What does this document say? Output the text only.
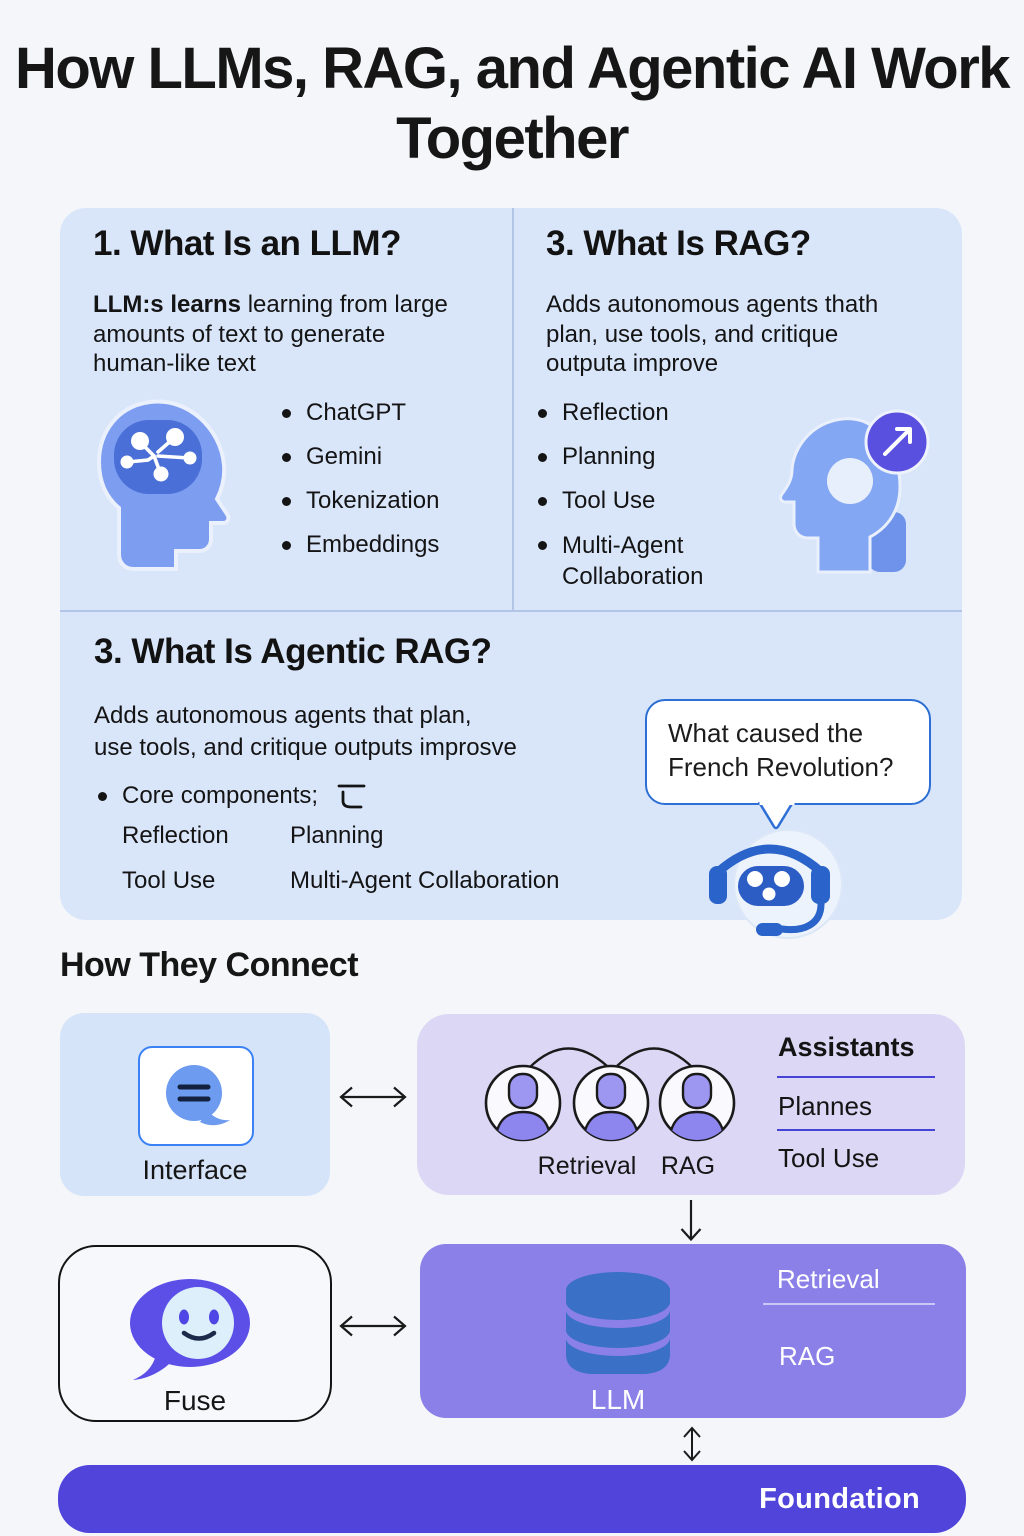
How LLMs, RAG, and Agentic AI Work Together
1. What Is an LLM?

LLM:s learns learning from large
amounts of text to generate
human-like text

ChatGPT
Gemini
Tokenization
Embeddings
3. What Is RAG?

Adds autonomous agents thath
plan, use tools, and critique
outputa improve

Reflection
Planning
Tool Use
Multi-Agent Collaboration
3. What Is Agentic RAG?

Adds autonomous agents that plan,
use tools, and critique outputs improsve

Core components;
Reflection	Planning
Tool Use	Multi-Agent Collaboration
What caused the French Revolution?
How They Connect
Interface	Retrieval RAG
Assistants
Plannes
Tool Use
Fuse	LLM
Retrieval
RAG
Foundation
